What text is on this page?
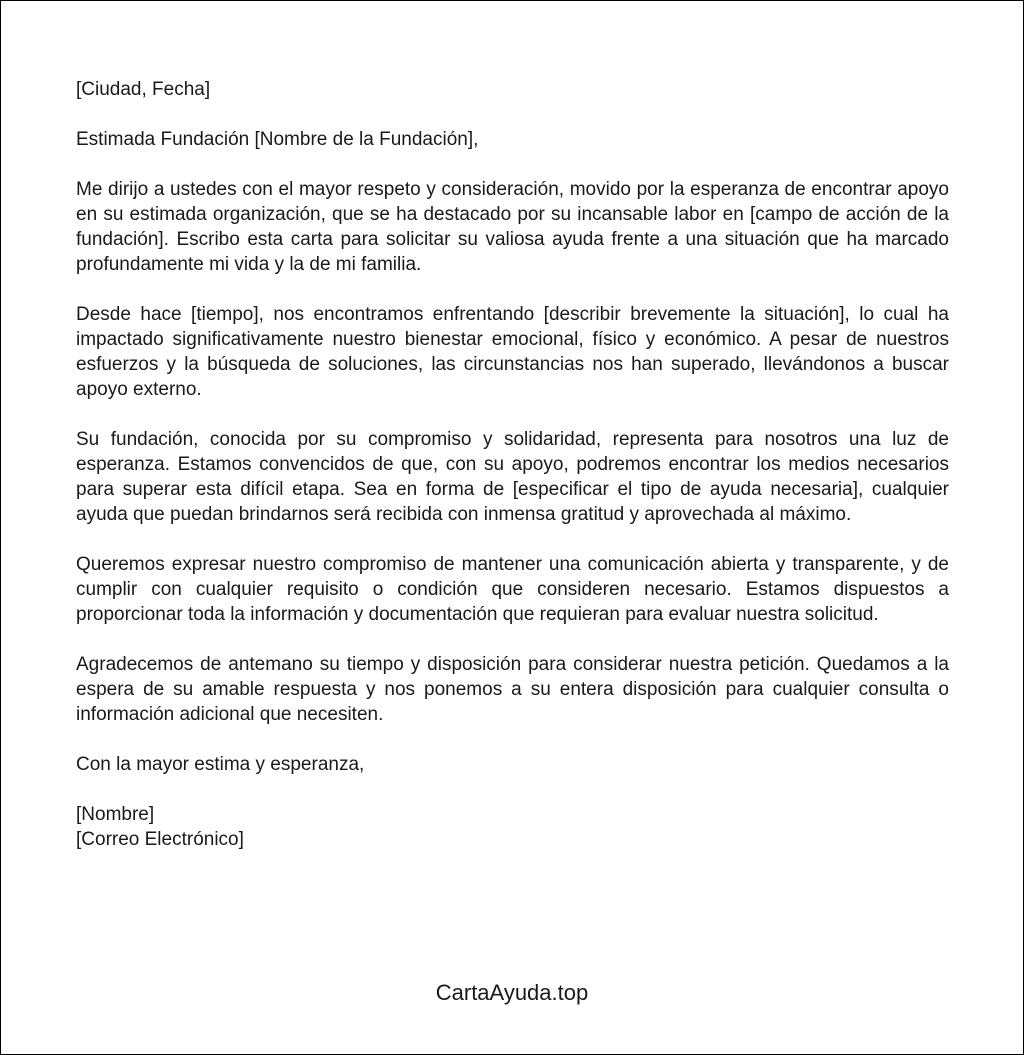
[Ciudad, Fecha]

Estimada Fundación [Nombre de la Fundación],

Me dirijo a ustedes con el mayor respeto y consideración, movido por la esperanza de encontrar apoyo en su estimada organización, que se ha destacado por su incansable labor en [campo de acción de la fundación]. Escribo esta carta para solicitar su valiosa ayuda frente a una situación que ha marcado profundamente mi vida y la de mi familia.

Desde hace [tiempo], nos encontramos enfrentando [describir brevemente la situación], lo cual ha impactado significativamente nuestro bienestar emocional, físico y económico. A pesar de nuestros esfuerzos y la búsqueda de soluciones, las circunstancias nos han superado, llevándonos a buscar apoyo externo.

Su fundación, conocida por su compromiso y solidaridad, representa para nosotros una luz de esperanza. Estamos convencidos de que, con su apoyo, podremos encontrar los medios necesarios para superar esta difícil etapa. Sea en forma de [especificar el tipo de ayuda necesaria], cualquier ayuda que puedan brindarnos será recibida con inmensa gratitud y aprovechada al máximo.

Queremos expresar nuestro compromiso de mantener una comunicación abierta y transparente, y de cumplir con cualquier requisito o condición que consideren necesario. Estamos dispuestos a proporcionar toda la información y documentación que requieran para evaluar nuestra solicitud.

Agradecemos de antemano su tiempo y disposición para considerar nuestra petición. Quedamos a la espera de su amable respuesta y nos ponemos a su entera disposición para cualquier consulta o información adicional que necesiten.

Con la mayor estima y esperanza,

[Nombre]

[Correo Electrónico]

CartaAyuda.top
